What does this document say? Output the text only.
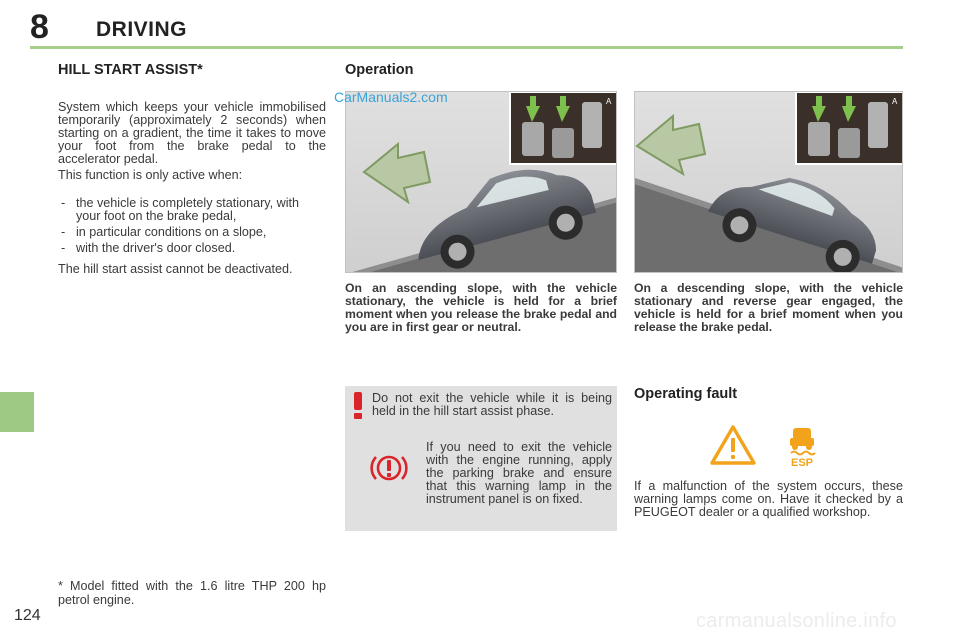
8 DRIVING
HILL START ASSIST*

System which keeps your vehicle immobilised temporarily (approximately 2 seconds) when starting on a gradient, the time it takes to move your foot from the brake pedal to the accelerator pedal.

This function is only active when:

- the vehicle is completely stationary, with your foot on the brake pedal,
- in particular conditions on a slope,
- with the driver's door closed.
The hill start assist cannot be deactivated.
Operation
A	A
CarManuals2.com
On an ascending slope, with the vehicle stationary, the vehicle is held for a brief moment when you release the brake pedal and you are in first gear or neutral.
On a descending slope, with the vehicle stationary and reverse gear engaged, the vehicle is held for a brief moment when you release the brake pedal.
Do not exit the vehicle while it is being held in the hill start assist phase.
If you need to exit the vehicle with the engine running, apply the parking brake and ensure that this warning lamp in the instrument panel is on fixed.
Operating fault
ESP
If a malfunction of the system occurs, these warning lamps come on. Have it checked by a PEUGEOT dealer or a qualified workshop.
* Model fitted with the 1.6 litre THP 200 hp petrol engine.
124	carmanualsonline.info
